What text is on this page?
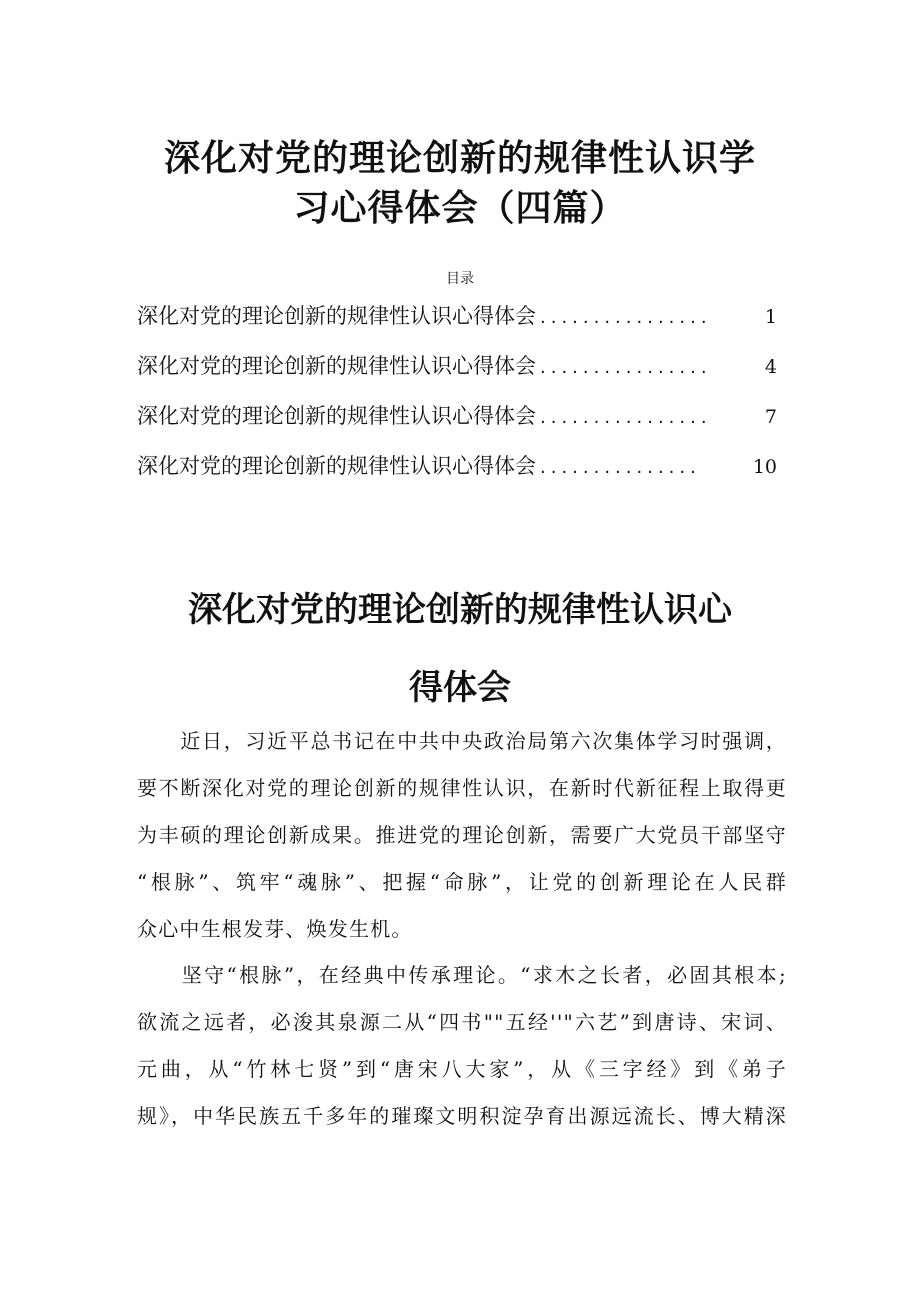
深化对党的理论创新的规律性认识学
习心得体会（四篇）
目录
深化对党的理论创新的规律性认识心得体会 ................	1
深化对党的理论创新的规律性认识心得体会 ................	4
深化对党的理论创新的规律性认识心得体会 ................	7
深化对党的理论创新的规律性认识心得体会 ...............	10
深化对党的理论创新的规律性认识心
得体会
　　近日，习近平总书记在中共中央政治局第六次集体学习时强调，
要不断深化对党的理论创新的规律性认识，在新时代新征程上取得更
为丰硕的理论创新成果。推进党的理论创新，需要广大党员干部坚守
“根脉”、筑牢“魂脉”、把握“命脉”，让党的创新理论在人民群
众心中生根发芽、焕发生机。
　　坚守“根脉”，在经典中传承理论。“求木之长者，必固其根本;
欲流之远者，必浚其泉源二从“四书""五经''"六艺”到唐诗、宋词、
元曲，从“竹林七贤”到“唐宋八大家”，从《三字经》到《弟子
规》，中华民族五千多年的璀璨文明积淀孕育出源远流长、博大精深
